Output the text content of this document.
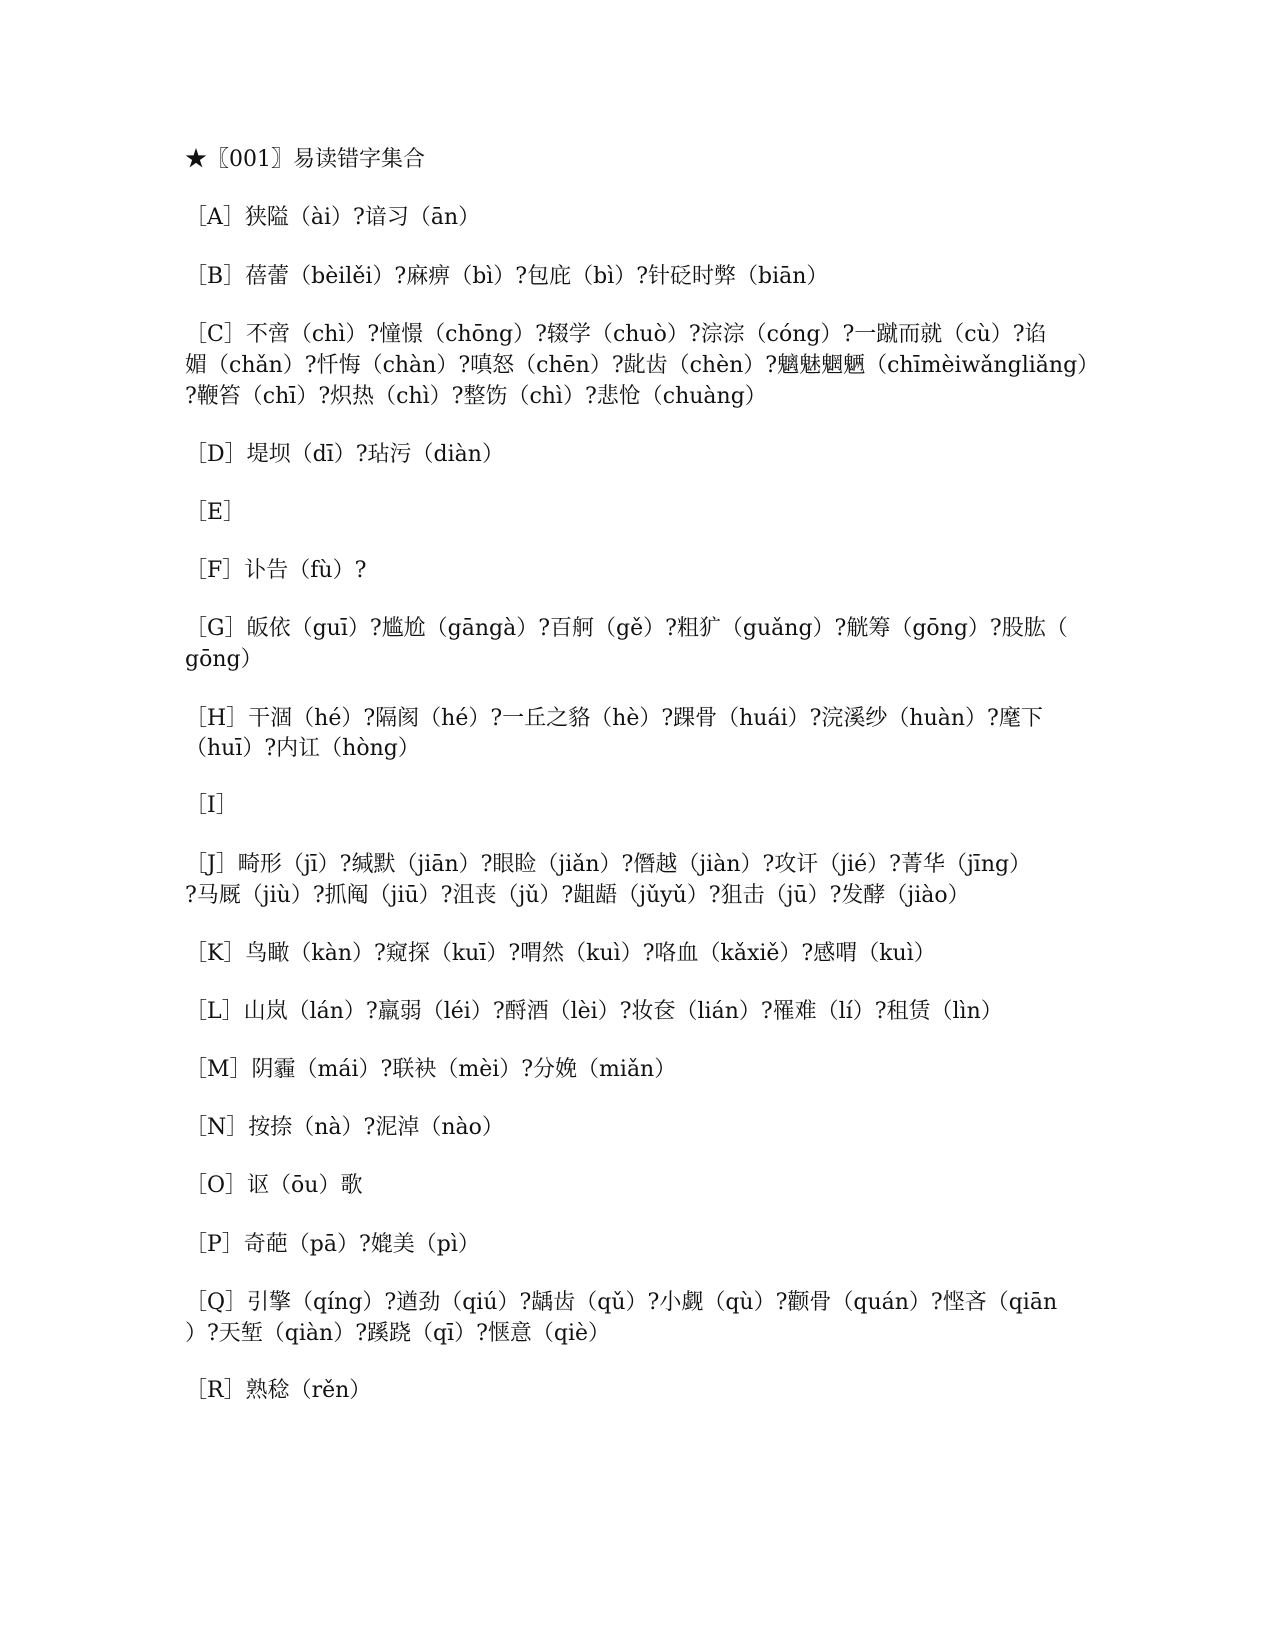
★〖001〗易读错字集合
［A］狭隘（ài）?谙习（ān）
［B］蓓蕾（bèilěi）?麻痹（bì）?包庇（bì）?针砭时弊（biān）
［C］不啻（chì）?憧憬（chōng）?辍学（chuò）?淙淙（cóng）?一蹴而就（cù）?谄
媚（chǎn）?忏悔（chàn）?嗔怒（chēn）?龀齿（chèn）?魑魅魍魉（chīmèiwǎngliǎng）
?鞭笞（chī）?炽热（chì）?整饬（chì）?悲怆（chuàng）
［D］堤坝（dī）?玷污（diàn）
［E］
［F］讣告（fù）?
［G］皈依（guī）?尴尬（gāngà）?百舸（gě）?粗犷（guǎng）?觥筹（gōng）?股肱（
gōng）
［H］干涸（hé）?隔阂（hé）?一丘之貉（hè）?踝骨（huái）?浣溪纱（huàn）?麾下
（huī）?内讧（hòng）
［I］
［J］畸形（jī）?缄默（jiān）?眼睑（jiǎn）?僭越（jiàn）?攻讦（jié）?菁华（jīng）
?马厩（jiù）?抓阄（jiū）?沮丧（jǔ）?龃龉（jǔyǔ）?狙击（jū）?发酵（jiào）
［K］鸟瞰（kàn）?窥探（kuī）?喟然（kuì）?咯血（kǎxiě）?感喟（kuì）
［L］山岚（lán）?羸弱（léi）?酹酒（lèi）?妆奁（lián）?罹难（lí）?租赁（lìn）
［M］阴霾（mái）?联袂（mèi）?分娩（miǎn）
［N］按捺（nà）?泥淖（nào）
［O］讴（ōu）歌
［P］奇葩（pā）?媲美（pì）
［Q］引擎（qíng）?遒劲（qiú）?龋齿（qǔ）?小觑（qù）?颧骨（quán）?悭吝（qiān
）?天堑（qiàn）?蹊跷（qī）?惬意（qiè）
［R］熟稔（rěn）
